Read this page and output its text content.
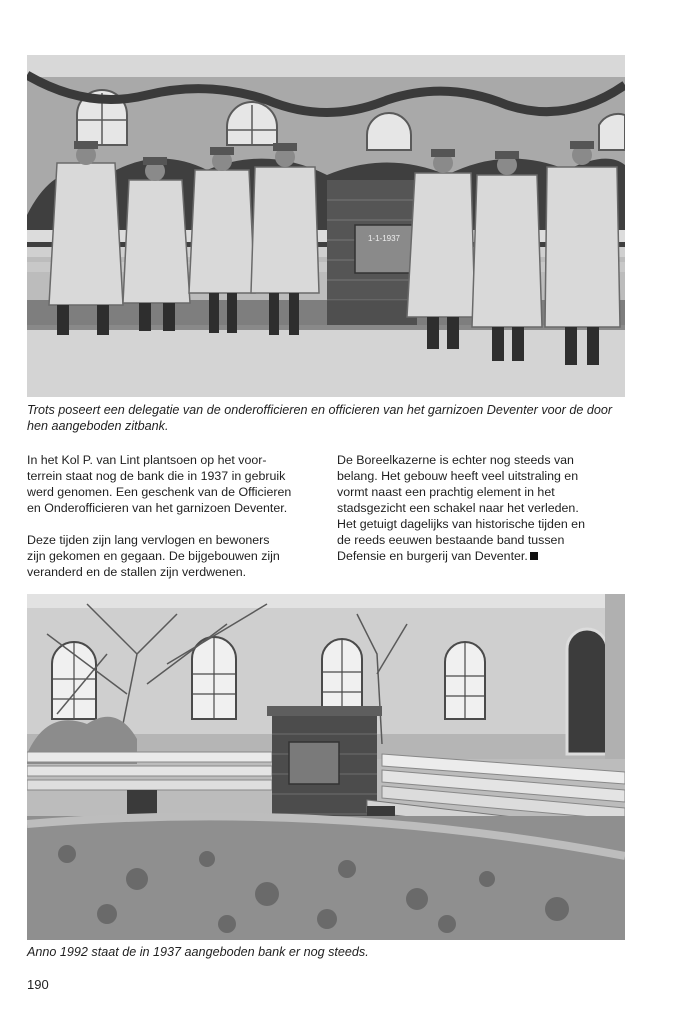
1-1-1937
Trots poseert een delegatie van de onderofficieren en officieren van het garnizoen Deventer voor de door hen aangeboden zitbank.

In het Kol P. van Lint plantsoen op het voor-
terrein staat nog de bank die in 1937 in gebruik
werd genomen. Een geschenk van de Officieren
en Onderofficieren van het garnizoen Deventer.

Deze tijden zijn lang vervlogen en bewoners
zijn gekomen en gegaan. De bijgebouwen zijn
veranderd en de stallen zijn verdwenen.

De Boreelkazerne is echter nog steeds van
belang. Het gebouw heeft veel uitstraling en
vormt naast een prachtig element in het
stadsgezicht een schakel naar het verleden.
Het getuigt dagelijks van historische tijden en
de reeds eeuwen bestaande band tussen
Defensie en burgerij van Deventer.

Anno 1992 staat de in 1937 aangeboden bank er nog steeds.
190
